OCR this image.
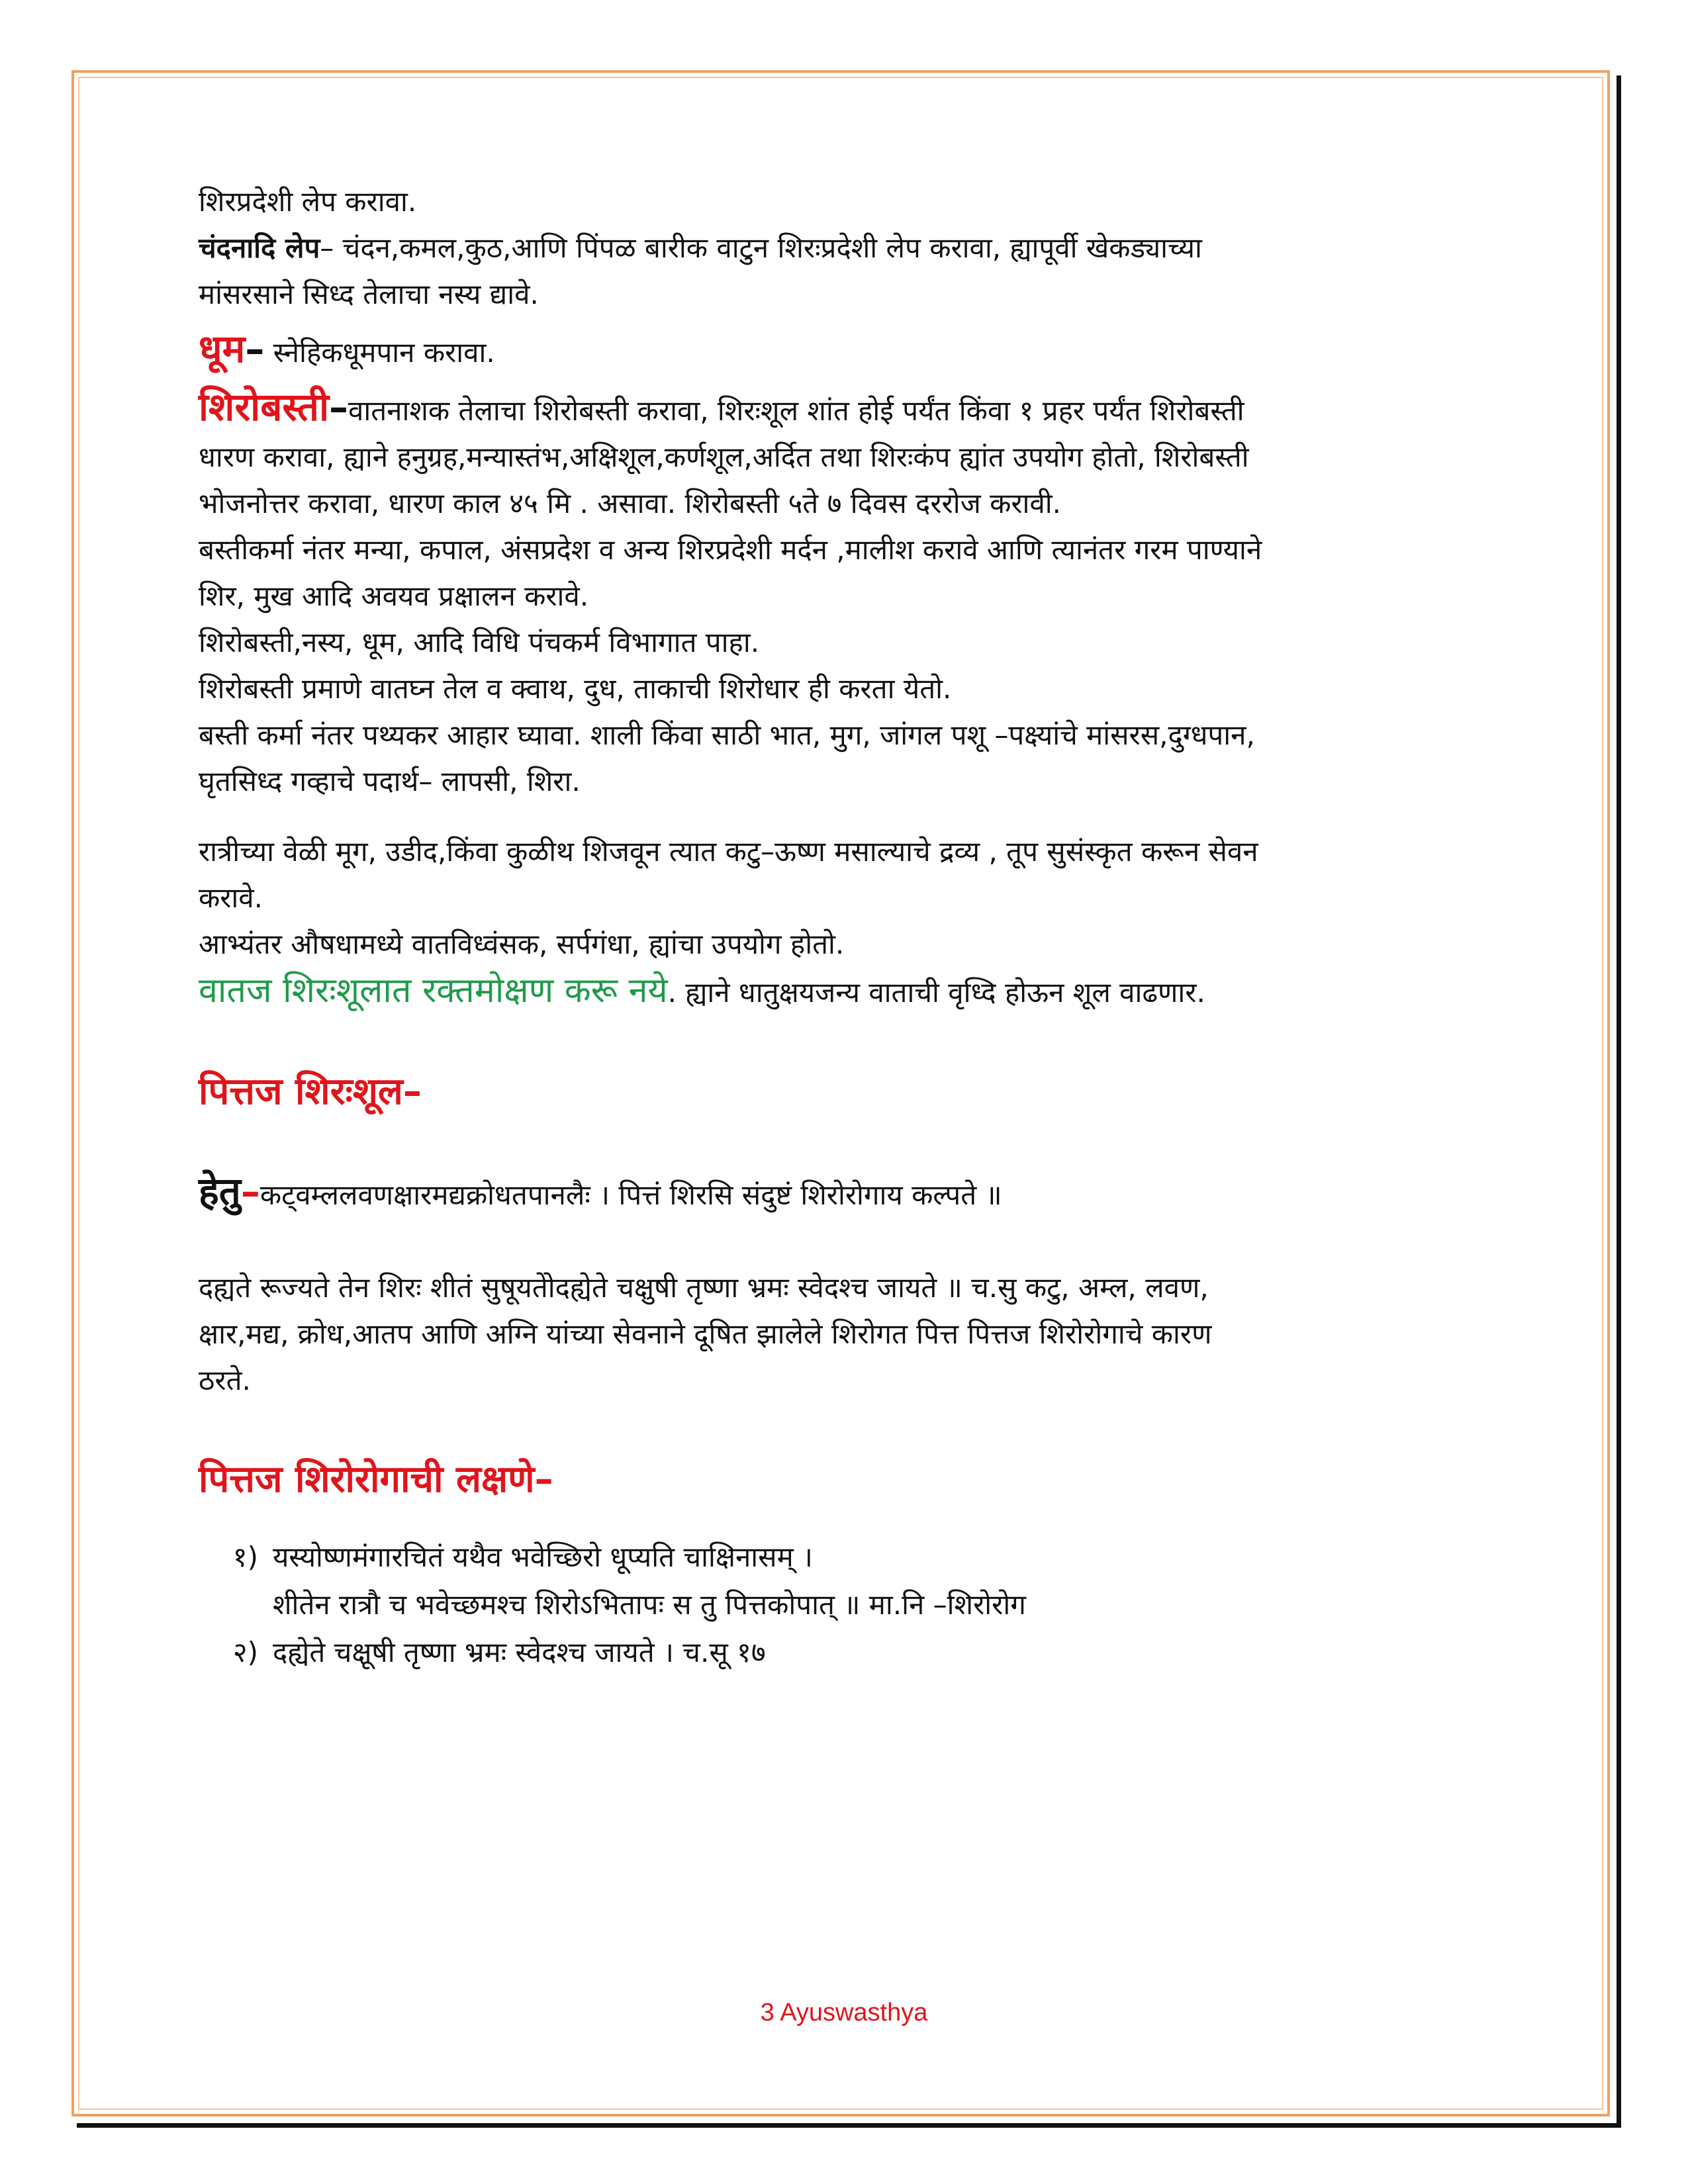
शिरप्रदेशी लेप करावा.

चंदनादि लेप– चंदन,कमल,कुठ,आणि पिंपळ बारीक वाटुन शिरःप्रदेशी लेप करावा, ह्यापूर्वी खेकड्याच्या

मांसरसाने सिध्द तेलाचा नस्य द्यावे.

धूम– स्नेहिकधूमपान करावा.

शिरोबस्ती–वातनाशक तेलाचा शिरोबस्ती करावा, शिरःशूल शांत होई पर्यंत किंवा १ प्रहर पर्यंत शिरोबस्ती

धारण करावा, ह्याने हनुग्रह,मन्यास्तंभ,अक्षिशूल,कर्णशूल,अर्दित तथा शिरःकंप ह्यांत उपयोग होतो, शिरोबस्ती

भोजनोत्तर करावा, धारण काल ४५ मि . असावा. शिरोबस्ती ५ते ७ दिवस दररोज करावी.

बस्तीकर्मा नंतर मन्या, कपाल, अंसप्रदेश व अन्य शिरप्रदेशी मर्दन ,मालीश करावे आणि त्यानंतर गरम पाण्याने

शिर, मुख आदि अवयव प्रक्षालन करावे.

शिरोबस्ती,नस्य, धूम, आदि विधि पंचकर्म विभागात पाहा.

शिरोबस्ती प्रमाणे वातघ्न तेल व क्वाथ, दुध, ताकाची शिरोधार ही करता येतो.

बस्ती कर्मा नंतर पथ्यकर आहार घ्यावा. शाली किंवा साठी भात, मुग, जांगल पशू –पक्ष्यांचे मांसरस,दुग्धपान,

घृतसिध्द गव्हाचे पदार्थ– लापसी, शिरा.

रात्रीच्या वेळी मूग, उडीद,किंवा कुळीथ शिजवून त्यात कटु–ऊष्ण मसाल्याचे द्रव्य , तूप सुसंस्कृत करून सेवन

करावे.

आभ्यंतर औषधामध्ये वातविध्वंसक, सर्पगंधा, ह्यांचा उपयोग होतो.

वातज शिरःशूलात रक्तमोक्षण करू नये. ह्याने धातुक्षयजन्य वाताची वृध्दि होऊन शूल वाढणार.

पित्तज शिरःशूल–

हेतु–कट्वम्ललवणक्षारमद्यक्रोधतपानलैः । पित्तं शिरसि संदुष्टं शिरोरोगाय कल्पते ॥

दह्यते रूज्यते तेन शिरः शीतं सुषूयतेोदह्येते चक्षुषी तृष्णा भ्रमः स्वेदश्च जायते ॥ च.सु कटु, अम्ल, लवण,

क्षार,मद्य, क्रोध,आतप आणि अग्नि यांच्या सेवनाने दूषित झालेले शिरोगत पित्त पित्तज शिरोरोगाचे कारण

ठरते.

पित्तज शिरोरोगाची लक्षणे–

१) यस्योष्णमंगारचितं यथैव भवेच्छिरो धूप्यति चाक्षिनासम् ।

शीतेन रात्रौ च भवेच्छमश्च शिरोऽभितापः स तु पित्तकोपात् ॥ मा.नि –शिरोरोग

२) दह्येते चक्षूषी तृष्णा भ्रमः स्वेदश्च जायते । च.सू १७

3 Ayuswasthya
